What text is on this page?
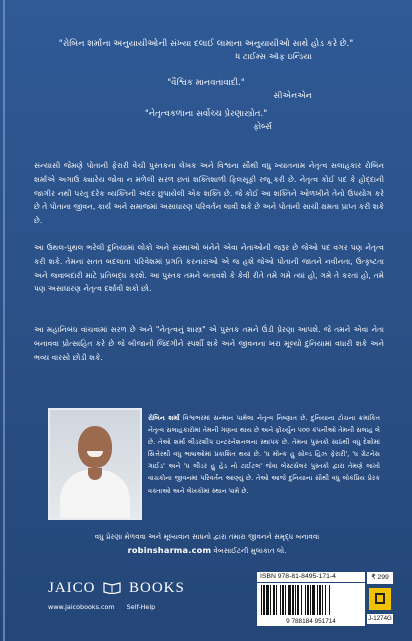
"રોબિન શર્માના અનુયાયીઓની સંખ્યા દલાઈ લામાના અનુયાયીઓ સાથે હોડ કરે છે."
ધ ટાઈમ્સ ઑફ ઇન્ડિયા
"વૈશ્વિક માનવતાવાદી."
સીએનએન
"નેતૃત્વકળાના સર્વોચ્ચ પ્રેરણાસ્ત્રોત."
ફોર્બ્સ
સંન્યાસી જેમણે પોતાની ફેરારી વેચી પુસ્તકના લેખક અને વિશ્વના સૌથી વધુ ખ્યાતનામ નેતૃત્વ સલાહકાર રોબિન શર્માએ અગાઉ ક્યારેય જોવા ન મળેલી સરળ છતાં શક્તિશાળી ફિલસૂફી રજૂ કરી છે. નેતૃત્વ કોઈ પદ કે હોદ્દાની જાગીર નથી પરંતુ દરેક વ્યક્તિની અંદર છુપાયેલી એક શક્તિ છે. જે કોઈ આ શક્તિને ઓળખીને તેનો ઉપયોગ કરે છે તે પોતાના જીવન, કાર્ય અને સમાજમાં અસાધારણ પરિવર્તન લાવી શકે છે અને પોતાની સાચી ક્ષમતા પ્રાપ્ત કરી શકે છે.
આ ઉથલ-પુથલ ભરેલી દુનિયામાં લોકો અને સંસ્થાઓ બંનેને એવા નેતાઓની જરૂર છે જેઓ પદ વગર પણ નેતૃત્વ કરી શકે. તેમના સતત બદલાતા પરિવેશમાં પ્રગતિ કરનારાઓ એ જ હશે જેઓ પોતાની જાતને નવીનતા, ઉત્કૃષ્ટતા અને જવાબદારી માટે પ્રતિબદ્ધ કરશે. આ પુસ્તક તમને બતાવશે કે કેવી રીતે તમે ગમે ત્યાં હો, ગમે તે કરતાં હો, તમે પણ અસાધારણ નેતૃત્વ દર્શાવી શકો છો.
આ મહાનિબંધ વાંચવામાં સરળ છે અને "નેતૃત્વનું શાસ્ત્ર" એ પુસ્તક તમને ઉંડી પ્રેરણા આપશે. જે તમને એવા નેતા બનાવવા પ્રોત્સાહિત કરે છે જે બીજાની જિંદગીને સ્પર્શી શકે અને જીવનના ખરા મૂલ્યો દુનિયામાં વધારી શકે અને ભવ્ય વારસો છોડી શકે.
રોબિન શર્મા વિશ્વભરમાં સન્માન પામેલા નેતૃત્વ નિષ્ણાત છે. દુનિયાના ટોચના ક્રમાંકિત નેતૃત્વ સલાહકારોમાં તેમની ગણના થાય છે અને ફોર્ચ્યુન ૫૦૦ કંપનીઓ તેમની સલાહ લે છે. તેઓ શર્મા લીડરશીપ ઇન્ટરનેશનલના સ્થાપક છે. તેમના પુસ્તકો સાઠથી વધુ દેશોમાં સિત્તેરથી વધુ ભાષાઓમાં પ્રકાશિત થયાં છે. 'ધ મોન્ક હુ સોલ્ડ હિઝ ફેરારી', 'ધ ગ્રેટનેસ ગાઈડ' અને 'ધ લીડર હુ હેડ નો ટાઈટલ' જેવા બેસ્ટસેલર પુસ્તકો દ્વારા તેમણે લાખો વાચકોના જીવનમાં પરિવર્તન આણ્યું છે. તેઓ આજે દુનિયાના સૌથી વધુ લોકપ્રિય પ્રેરક વક્તાઓ અને લેખકોમાં સ્થાન પામે છે.
વધુ પ્રેરણા મેળવવા અને મૂલ્યવાન સાધનો દ્વારા તમારા જીવનને સમૃદ્ધ બનાવવા
robinsharma.com વેબસાઈટની મુલાકાત લો.
JAICO BOOKS
www.jaicobooks.com Self-Help
ISBN 978-81-8495-171-4
9 788184 951714
₹ 299
J-1274G
